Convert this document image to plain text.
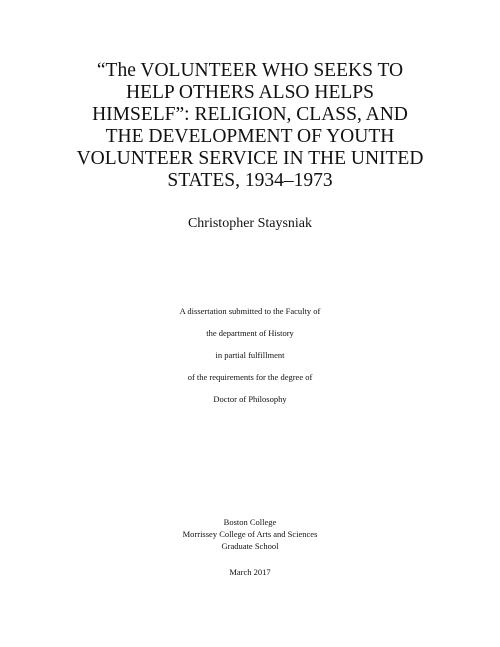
“The VOLUNTEER WHO SEEKS TO
HELP OTHERS ALSO HELPS
HIMSELF”: RELIGION, CLASS, AND
THE DEVELOPMENT OF YOUTH
VOLUNTEER SERVICE IN THE UNITED
STATES, 1934–1973
Christopher Staysniak
A dissertation submitted to the Faculty of
the department of History
in partial fulfillment
of the requirements for the degree of
Doctor of Philosophy
Boston College
Morrissey College of Arts and Sciences
Graduate School
March 2017
